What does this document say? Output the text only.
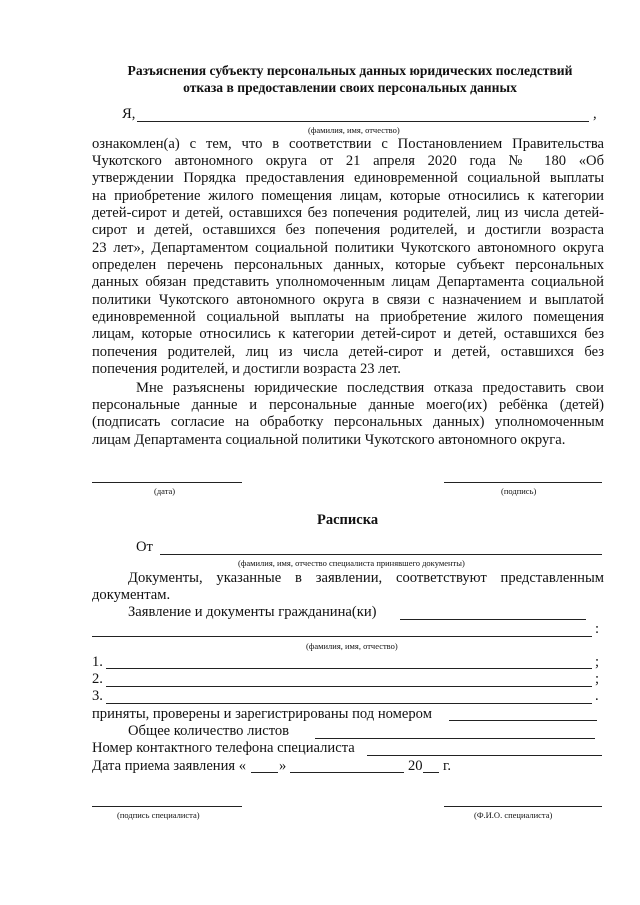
Разъяснения субъекту персональных данных юридических последствий
отказа в предоставлении своих персональных данных
Я,	,
(фамилия, имя, отчество)
ознакомлен(а) с тем, что в соответствии с Постановлением Правительства
Чукотского автономного округа от 21 апреля 2020 года № 180 «Об
утверждении Порядка предоставления единовременной социальной выплаты
на приобретение жилого помещения лицам, которые относились к категории
детей-сирот и детей, оставшихся без попечения родителей, лиц из числа детей-
сирот и детей, оставшихся без попечения родителей, и достигли возраста
23 лет», Департаментом социальной политики Чукотского автономного округа
определен перечень персональных данных, которые субъект персональных
данных обязан представить уполномоченным лицам Департамента социальной
политики Чукотского автономного округа в связи с назначением и выплатой
единовременной социальной выплаты на приобретение жилого помещения
лицам, которые относились к категории детей-сирот и детей, оставшихся без
попечения родителей, лиц из числа детей-сирот и детей, оставшихся без
попечения родителей, и достигли возраста 23 лет.
Мне разъяснены юридические последствия отказа предоставить свои
персональные данные и персональные данные моего(их) ребёнка (детей)
(подписать согласие на обработку персональных данных) уполномоченным
лицам Департамента социальной политики Чукотского автономного округа.
(дата)	(подпись)
Расписка
От
(фамилия, имя, отчество специалиста принявшего документы)
Документы, указанные в заявлении, соответствуют представленным
документам.
Заявление и документы гражданина(ки)
:
(фамилия, имя, отчество)
1.	;
2.	;
3.	.
приняты, проверены и зарегистрированы под номером
Общее количество листов
Номер контактного телефона специалиста
Дата приема заявления « »	20 г.
(подпись специалиста)	(Ф.И.О. специалиста)
